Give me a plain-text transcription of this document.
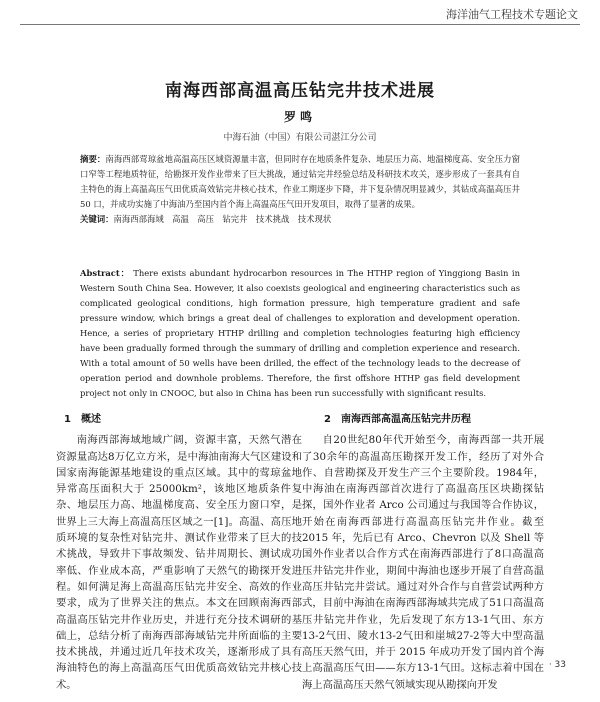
海洋油气工程技术专题论文
南海西部高温高压钻完井技术进展
罗鸣
中海石油（中国）有限公司湛江分公司
摘要：南海西部莺琼盆地高温高压区域资源量丰富，但同时存在地质条件复杂、地层压力高、地温梯度高、安全压力窗口窄等工程地质特征，给勘探开发作业带来了巨大挑战，通过钻完井经验总结及科研技术攻关，逐步形成了一套具有自主特色的海上高温高压气田优质高效钻完井核心技术，作业工期逐步下降，井下复杂情况明显减少，其钻成高温高压井 50 口，并成功实施了中海油乃至国内首个海上高温高压气田开发项目，取得了显著的成果。
关键词：南海西部海域　高温　高压　钻完井　技术挑战　技术现状
Abstract： There exists abundant hydrocarbon resources in The HTHP region of Yinggiong Basin in Western South China Sea. However, it also coexists geological and engineering characteristics such as complicated geological conditions, high formation pressure, high temperature gradient and safe pressure window, which brings a great deal of challenges to exploration and development operation. Hence, a series of proprietary HTHP drilling and completion technologies featuring high efficiency have been gradually formed through the summary of drilling and completion experience and research. With a total amount of 50 wells have been drilled, the effect of the technology leads to the decrease of operation period and downhole problems. Therefore, the first offshore HTHP gas field development project not only in CNOOC, but also in China has been run successfully with significant results.
1　概述

南海西部海域地域广阔，资源丰富，天然气潜在资源量高达8万亿立方米，是中海油南海大气区建设和国家南海能源基地建设的重点区域。其中的莺琼盆地异常高压面积大于 25000km²，该地区地质条件复杂、地层压力高、地温梯度高、安全压力窗口窄，是世界上三大海上高温高压区域之一[1]。高温、高压地质环境的复杂性对钻完井、测试作业带来了巨大的技术挑战，导致井下事故频发、钻井周期长、测试成功率低、作业成本高，严重影响了天然气的勘探开发进程。如何满足海上高温高压钻完井安全、高效的作业要求，成为了世界关注的焦点。本文在回顾南海西部高温高压钻完井作业历史，并进行充分技术调研的基础上，总结分析了南海西部海域钻完井所面临的主要技术挑战，并通过近几年技术攻关，逐渐形成了具有海油特色的海上高温高压气田优质高效钻完井核心技术。

2　南海西部高温高压钻完井历程

自20世纪80年代开始至今，南海西部一共开展了30余年的高温高压勘探开发工作，经历了对外合作、自营勘探及开发生产三个主要阶段。1984年，中海油在南海西部首次进行了高温高压区块勘探钻探，国外作业者 Arco 公司通过与我国等合作协议，开始在南海西部进行高温高压钻完井作业。截至 2015 年，先后已有 Arco、Chevron 以及 Shell 等国外作业者以合作方式在南海西部进行了8口高温高压井钻完井作业，期间中海油也逐步开展了自营高温高压井钻完井尝试。通过对外合作与自营尝试两种方式，目前中海油在南海西部海域共完成了51口高温高压井钻完井作业，先后发现了东方13-1气田、东方13-2气田、陵水13-2气田和崖城27-2等大中型高温高压天然气田，并于 2015 年成功开发了国内首个海上高温高压气田——东方13-1气田。这标志着中国在海上高温高压天然气领域实现从勘探向开发

· 33
